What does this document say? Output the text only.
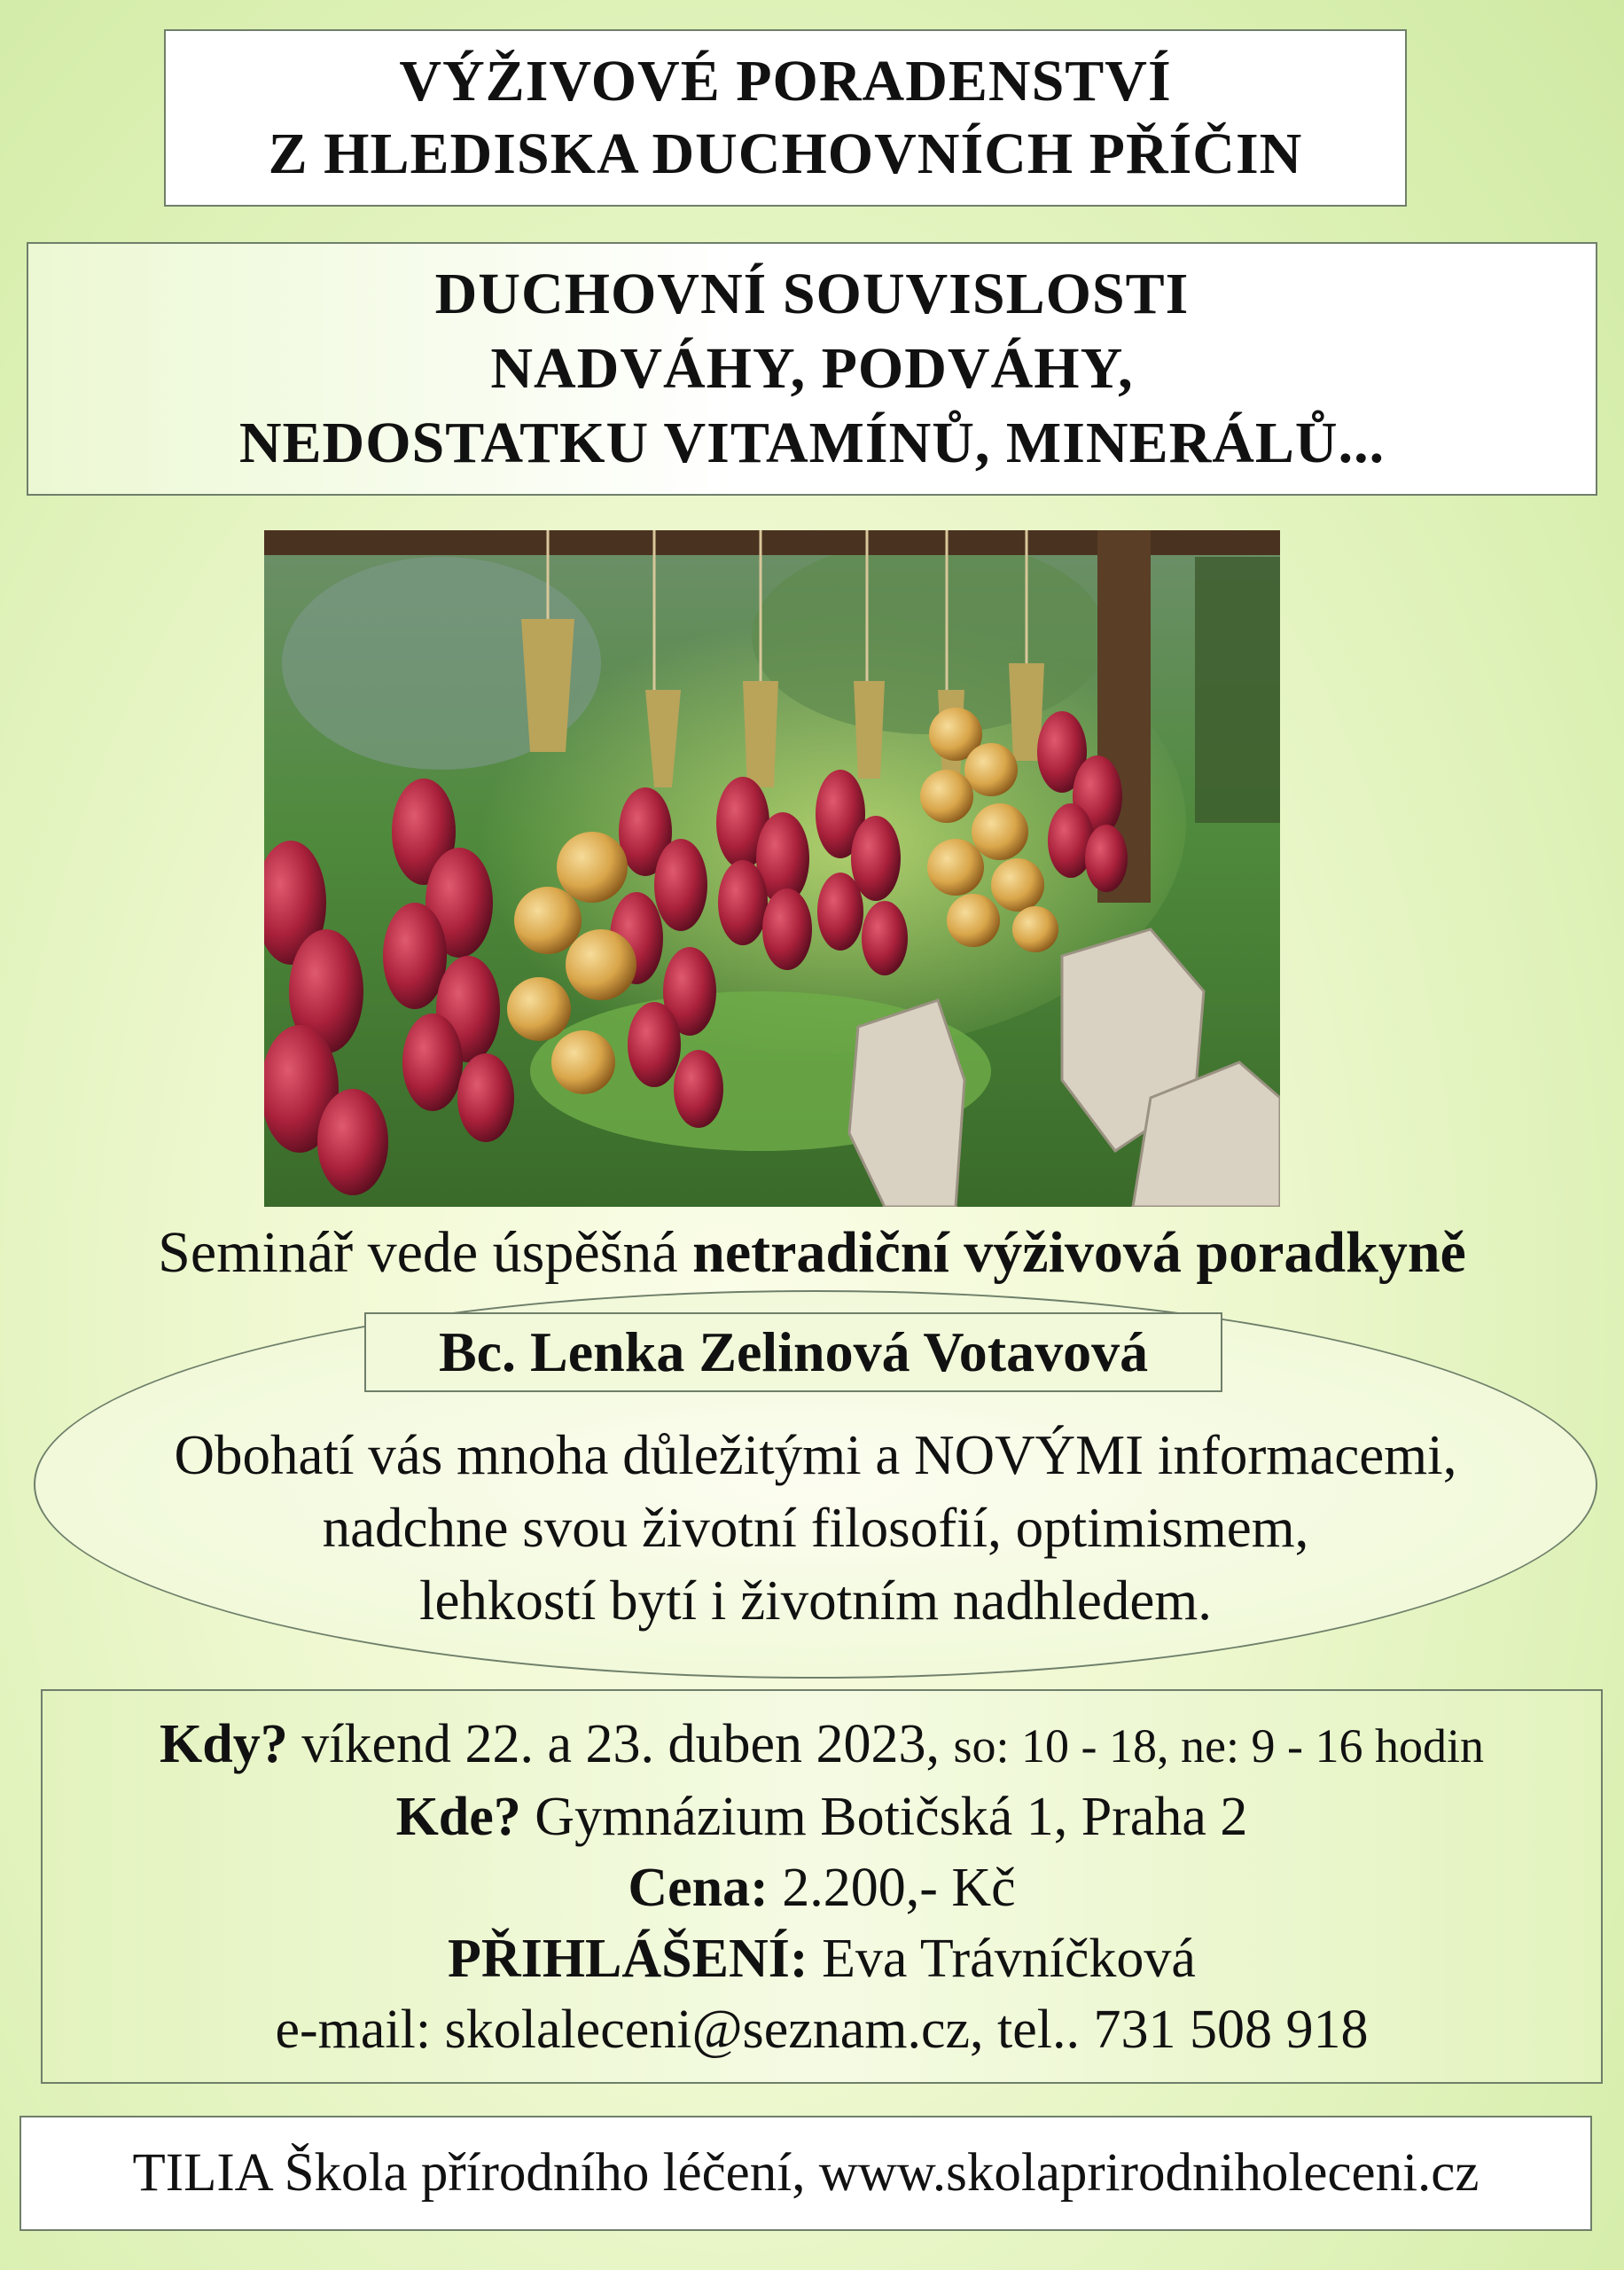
VÝŽIVOVÉ PORADENSTVÍ
Z HLEDISKA DUCHOVNÍCH PŘÍČIN
DUCHOVNÍ SOUVISLOSTI
NADVÁHY, PODVÁHY,
NEDOSTATKU VITAMÍNŮ, MINERÁLŮ...
Seminář vede úspěšná netradiční výživová poradkyně
Bc. Lenka Zelinová Votavová
Obohatí vás mnoha důležitými a NOVÝMI informacemi,
nadchne svou životní filosofií, optimismem,
lehkostí bytí i životním nadhledem.
Kdy? víkend 22. a 23. duben 2023, so: 10 - 18, ne: 9 - 16 hodin
Kde? Gymnázium Botičská 1, Praha 2
Cena: 2.200,- Kč
PŘIHLÁŠENÍ: Eva Trávníčková
e-mail: skolaleceni@seznam.cz, tel.. 731 508 918
TILIA Škola přírodního léčení, www.skolaprirodniholeceni.cz
